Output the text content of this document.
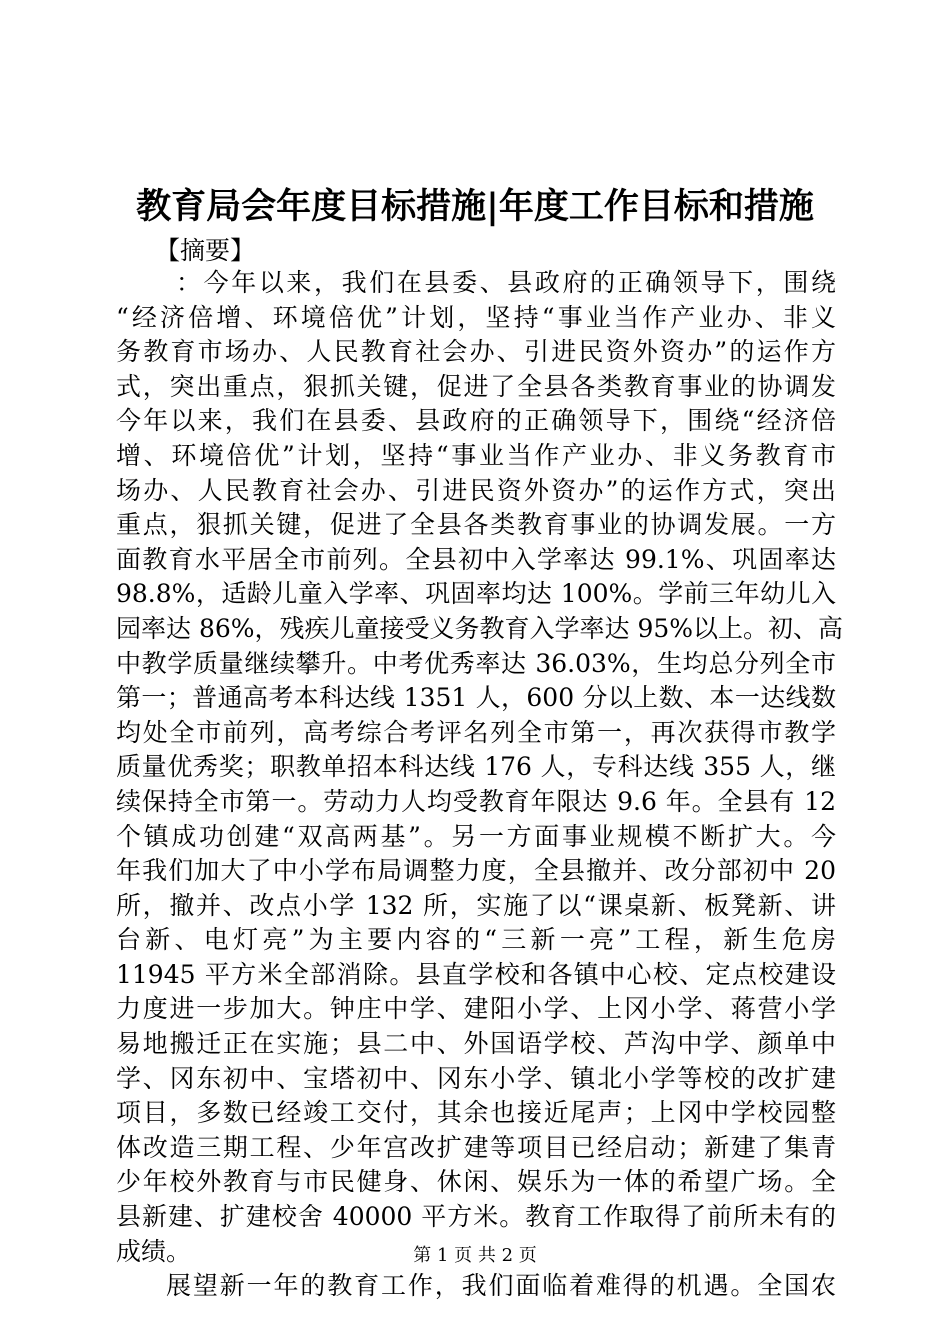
教育局会年度目标措施|年度工作目标和措施
【摘要】
：今年以来，我们在县委、县政府的正确领导下，围绕
“经济倍增、环境倍优”计划，坚持“事业当作产业办、非义
务教育市场办、人民教育社会办、引进民资外资办”的运作方
式，突出重点，狠抓关键，促进了全县各类教育事业的协调发
今年以来，我们在县委、县政府的正确领导下，围绕“经济倍
增、环境倍优”计划，坚持“事业当作产业办、非义务教育市
场办、人民教育社会办、引进民资外资办”的运作方式，突出
重点，狠抓关键，促进了全县各类教育事业的协调发展。一方
面教育水平居全市前列。全县初中入学率达 99.1%、巩固率达
98.8%，适龄儿童入学率、巩固率均达 100%。学前三年幼儿入
园率达 86%，残疾儿童接受义务教育入学率达 95%以上。初、高
中教学质量继续攀升。中考优秀率达 36.03%，生均总分列全市
第一；普通高考本科达线 1351 人，600 分以上数、本一达线数
均处全市前列，高考综合考评名列全市第一，再次获得市教学
质量优秀奖；职教单招本科达线 176 人，专科达线 355 人，继
续保持全市第一。劳动力人均受教育年限达 9.6 年。全县有 12
个镇成功创建“双高两基”。另一方面事业规模不断扩大。今
年我们加大了中小学布局调整力度，全县撤并、改分部初中 20
所，撤并、改点小学 132 所，实施了以“课桌新、板凳新、讲
台新、电灯亮”为主要内容的“三新一亮”工程，新生危房
11945 平方米全部消除。县直学校和各镇中心校、定点校建设
力度进一步加大。钟庄中学、建阳小学、上冈小学、蒋营小学
易地搬迁正在实施；县二中、外国语学校、芦沟中学、颜单中
学、冈东初中、宝塔初中、冈东小学、镇北小学等校的改扩建
项目，多数已经竣工交付，其余也接近尾声；上冈中学校园整
体改造三期工程、少年宫改扩建等项目已经启动；新建了集青
少年校外教育与市民健身、休闲、娱乐为一体的希望广场。全
县新建、扩建校舍 40000 平方米。教育工作取得了前所未有的
成绩。
展望新一年的教育工作，我们面临着难得的机遇。全国农
第 1 页 共 2 页
